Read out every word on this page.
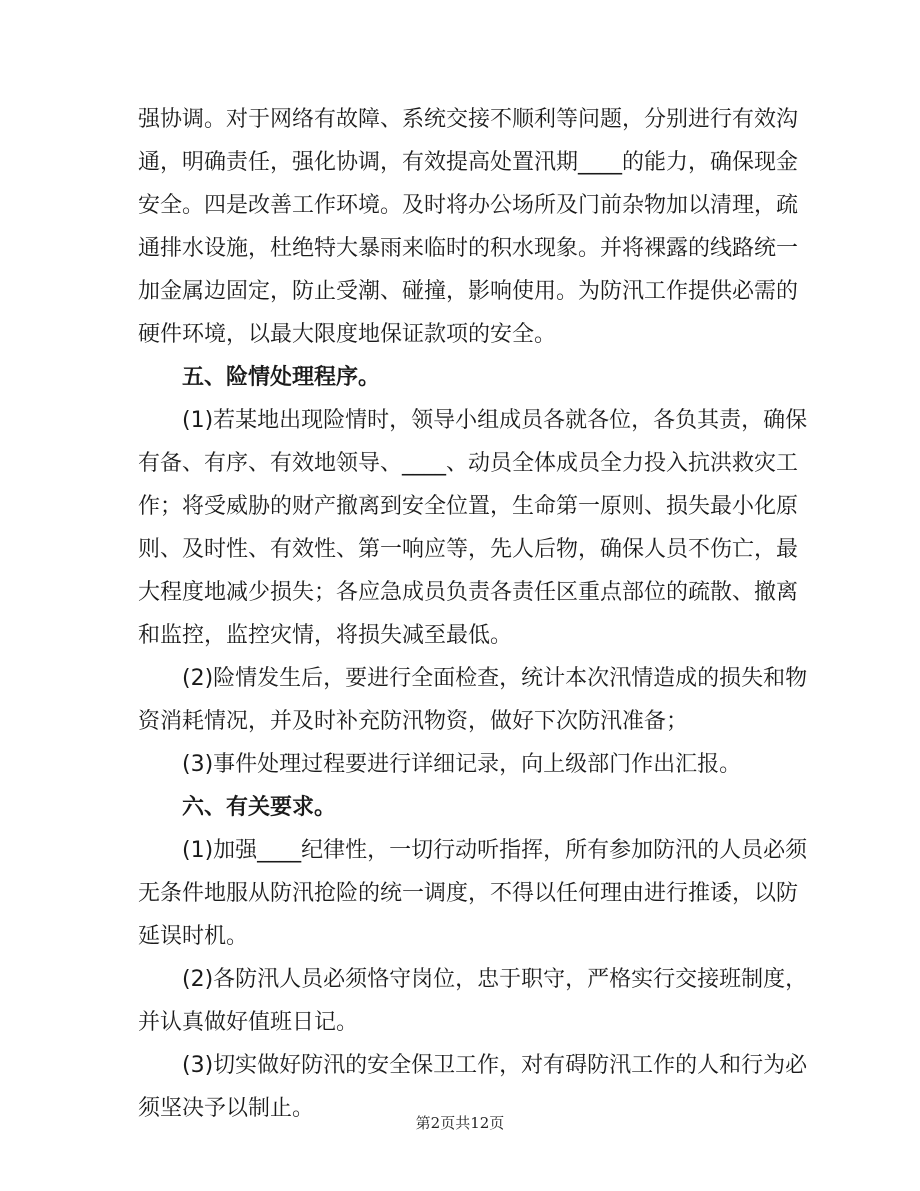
强协调。对于网络有故障、系统交接不顺利等问题，分别进行有效沟
通，明确责任，强化协调，有效提高处置汛期____的能力，确保现金
安全。四是改善工作环境。及时将办公场所及门前杂物加以清理，疏
通排水设施，杜绝特大暴雨来临时的积水现象。并将裸露的线路统一
加金属边固定，防止受潮、碰撞，影响使用。为防汛工作提供必需的
硬件环境，以最大限度地保证款项的安全。
五、险情处理程序。
(1)若某地出现险情时，领导小组成员各就各位，各负其责，确保
有备、有序、有效地领导、____、动员全体成员全力投入抗洪救灾工
作；将受威胁的财产撤离到安全位置，生命第一原则、损失最小化原
则、及时性、有效性、第一响应等，先人后物，确保人员不伤亡，最
大程度地减少损失；各应急成员负责各责任区重点部位的疏散、撤离
和监控，监控灾情，将损失减至最低。
(2)险情发生后，要进行全面检查，统计本次汛情造成的损失和物
资消耗情况，并及时补充防汛物资，做好下次防汛准备；
(3)事件处理过程要进行详细记录，向上级部门作出汇报。
六、有关要求。
(1)加强____纪律性，一切行动听指挥，所有参加防汛的人员必须
无条件地服从防汛抢险的统一调度，不得以任何理由进行推诿，以防
延误时机。
(2)各防汛人员必须恪守岗位，忠于职守，严格实行交接班制度，
并认真做好值班日记。
(3)切实做好防汛的安全保卫工作，对有碍防汛工作的人和行为必
须坚决予以制止。
第2页共12页
